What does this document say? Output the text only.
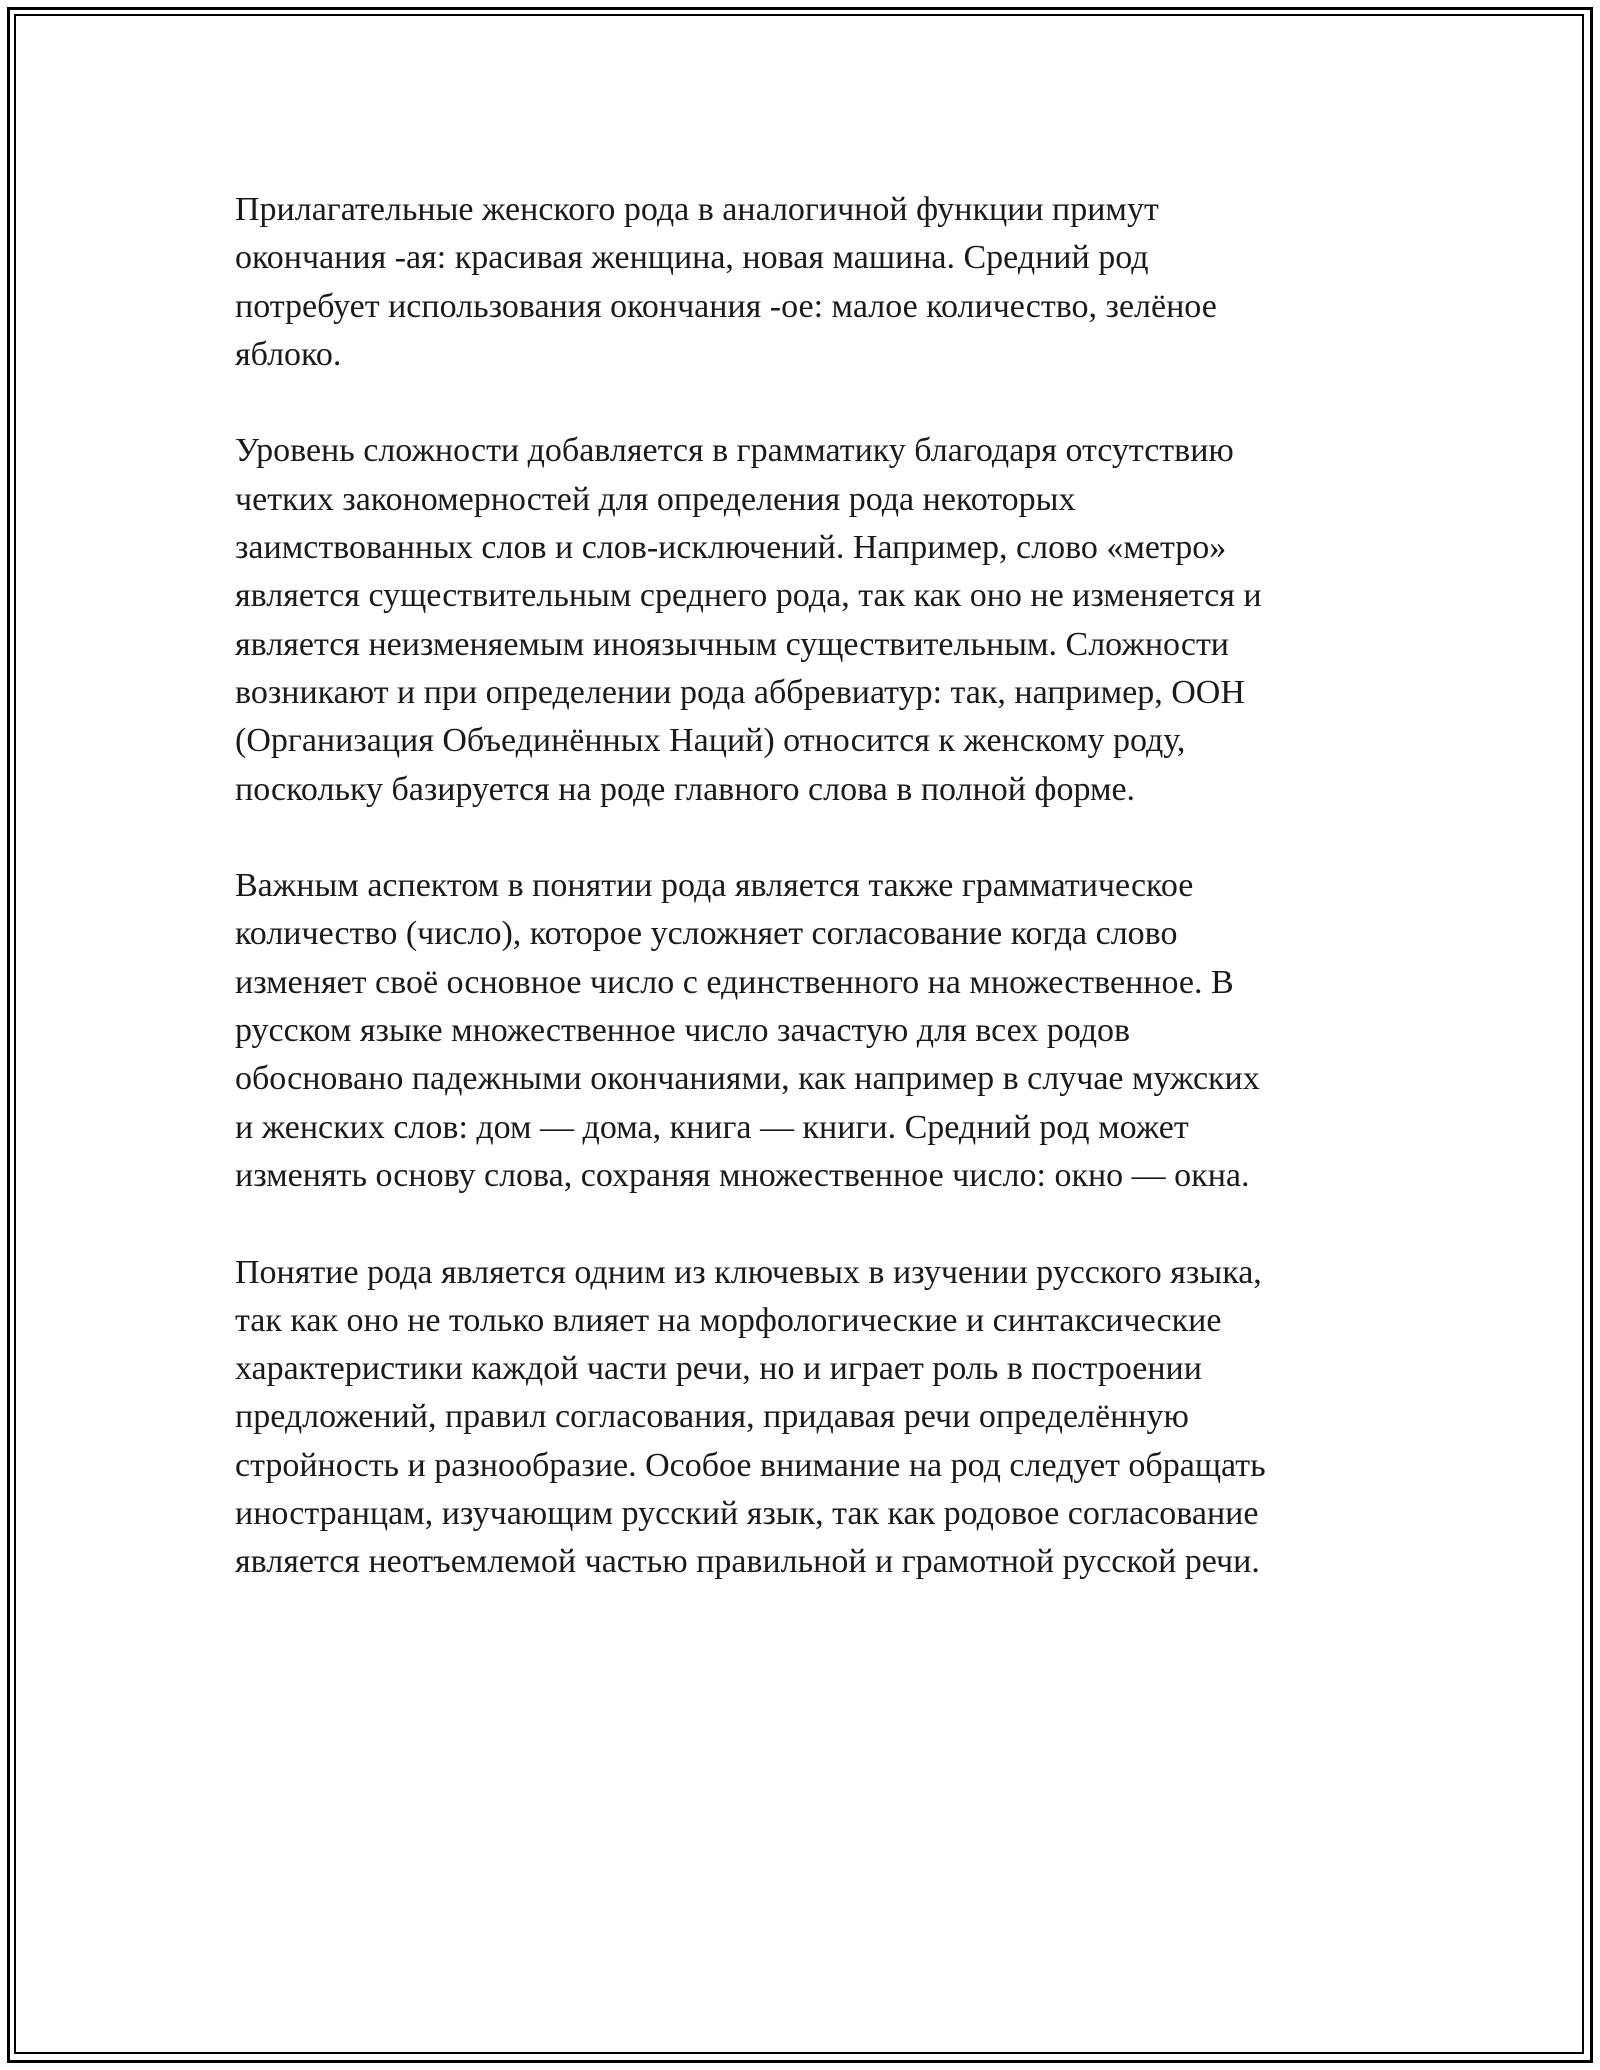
Прилагательные женского рода в аналогичной функции примут
окончания -ая: красивая женщина, новая машина. Средний род
потребует использования окончания -ое: малое количество, зелёное
яблоко.

Уровень сложности добавляется в грамматику благодаря отсутствию
четких закономерностей для определения рода некоторых
заимствованных слов и слов-исключений. Например, слово «метро»
является существительным среднего рода, так как оно не изменяется и
является неизменяемым иноязычным существительным. Сложности
возникают и при определении рода аббревиатур: так, например, ООН
(Организация Объединённых Наций) относится к женскому роду,
поскольку базируется на роде главного слова в полной форме.

Важным аспектом в понятии рода является также грамматическое
количество (число), которое усложняет согласование когда слово
изменяет своё основное число с единственного на множественное. В
русском языке множественное число зачастую для всех родов
обосновано падежными окончаниями, как например в случае мужских
и женских слов: дом — дома, книга — книги. Средний род может
изменять основу слова, сохраняя множественное число: окно — окна.

Понятие рода является одним из ключевых в изучении русского языка,
так как оно не только влияет на морфологические и синтаксические
характеристики каждой части речи, но и играет роль в построении
предложений, правил согласования, придавая речи определённую
стройность и разнообразие. Особое внимание на род следует обращать
иностранцам, изучающим русский язык, так как родовое согласование
является неотъемлемой частью правильной и грамотной русской речи.
